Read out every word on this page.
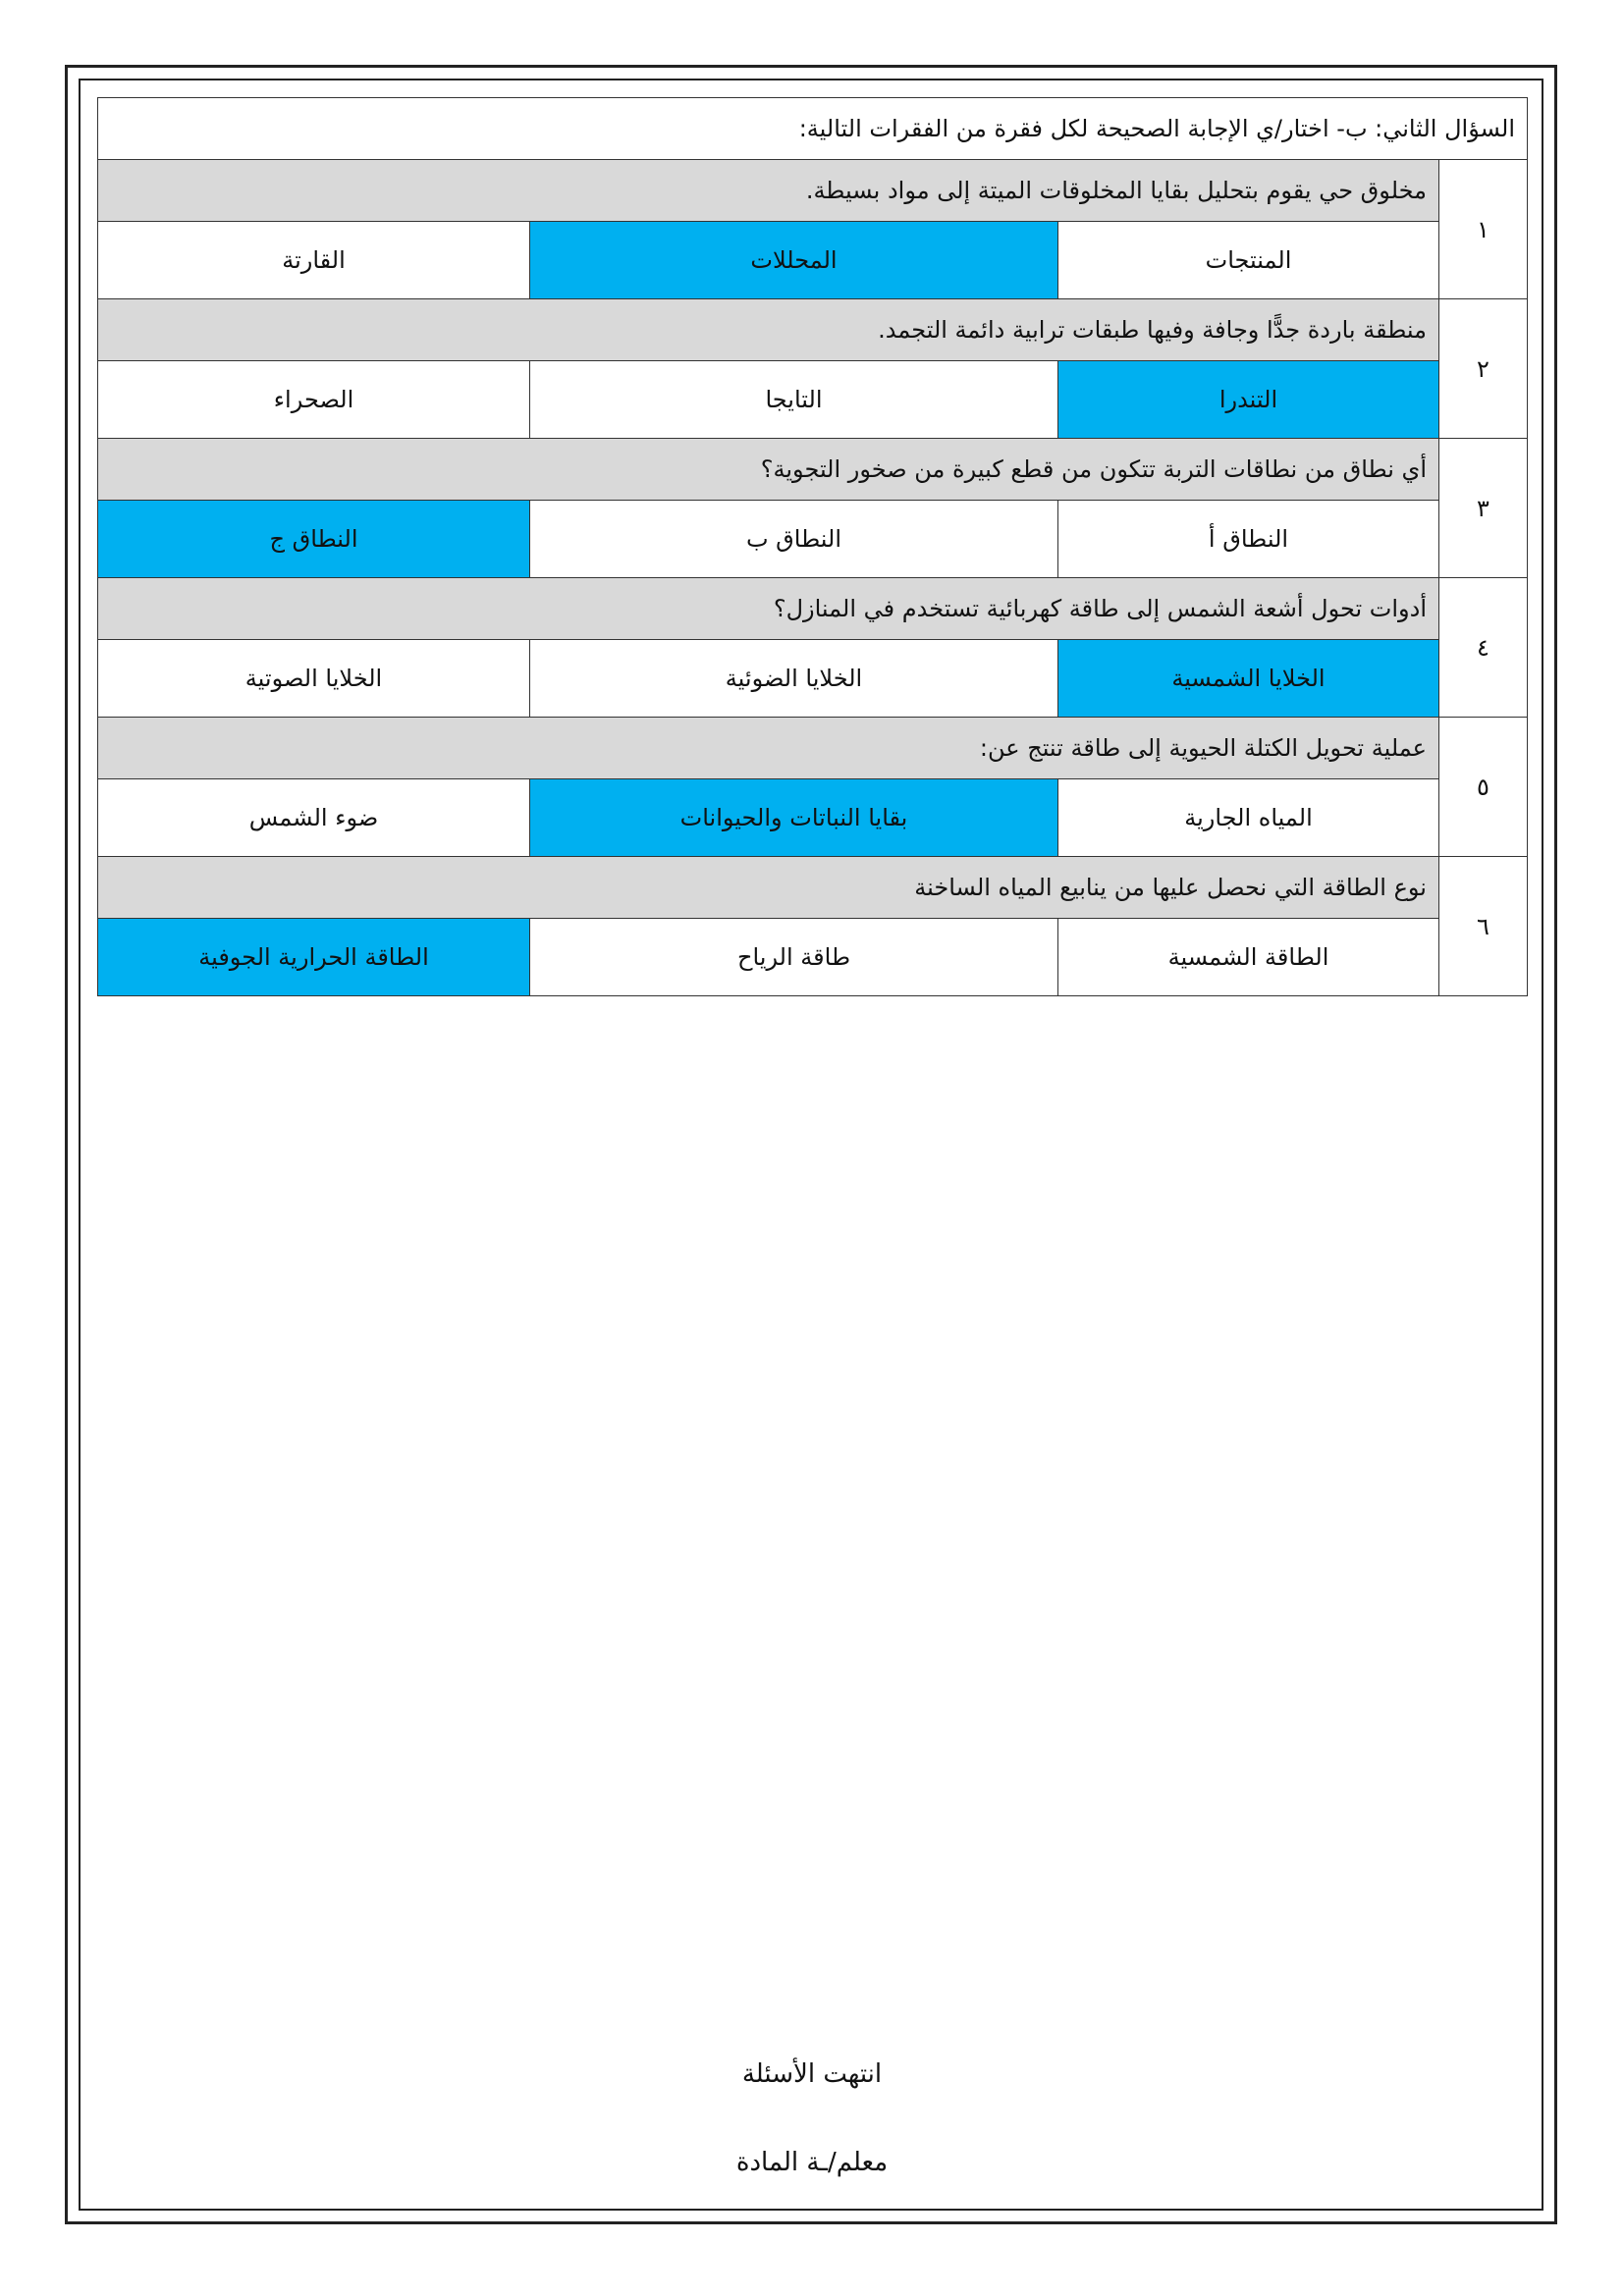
السؤال الثاني: ب- اختار/ي الإجابة الصحيحة لكل فقرة من الفقرات التالية:			
١	مخلوق حي يقوم بتحليل بقايا المخلوقات الميتة إلى مواد بسيطة.		
	المنتجات	المحللات	القارتة
٢	منطقة باردة جدًّا وجافة وفيها طبقات ترابية دائمة التجمد.		
	التندرا	التايجا	الصحراء
٣	أي نطاق من نطاقات التربة تتكون من قطع كبيرة من صخور التجوية؟		
	النطاق أ	النطاق ب	النطاق ج
٤	أدوات تحول أشعة الشمس إلى طاقة كهربائية تستخدم في المنازل؟		
	الخلايا الشمسية	الخلايا الضوئية	الخلايا الصوتية
٥	عملية تحويل الكتلة الحيوية إلى طاقة تنتج عن:		
	المياه الجارية	بقايا النباتات والحيوانات	ضوء الشمس
٦	نوع الطاقة التي نحصل عليها من ينابيع المياه الساخنة		
	الطاقة الشمسية	طاقة الرياح	الطاقة الحرارية الجوفية
انتهت الأسئلة
معلم/ـة المادة
